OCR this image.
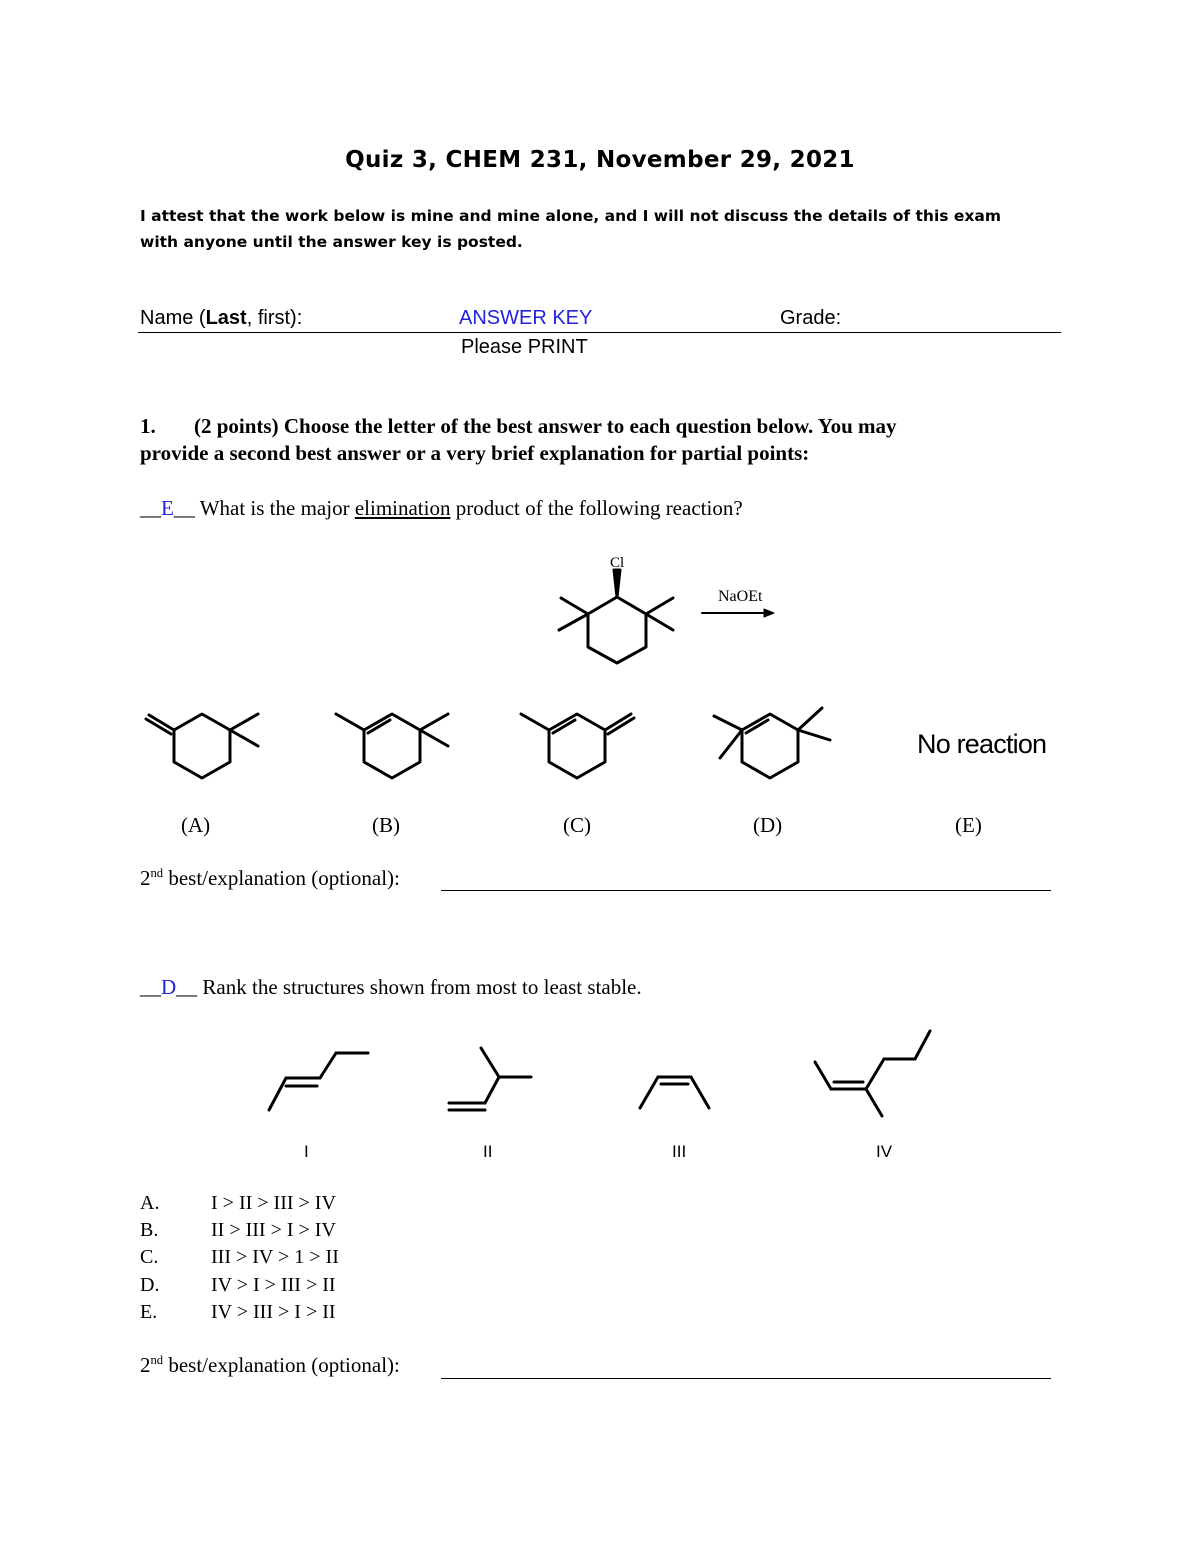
Quiz 3, CHEM 231, November 29, 2021
I attest that the work below is mine and mine alone, and I will not discuss the details of this exam
with anyone until the answer key is posted.
Name (Last, first):	ANSWER KEY	Grade:
Please PRINT
1. (2 points) Choose the letter of the best answer to each question below. You may
provide a second best answer or a very brief explanation for partial points:
__E__ What is the major elimination product of the following reaction?
Cl
NaOEt
No reaction
(A)	(B)	(C)	(D)	(E)
2nd best/explanation (optional):
__D__ Rank the structures shown from most to least stable.
I	II	III	IV
A.	I > II > III > IV
B.	II > III > I > IV
C.	III > IV > 1 > II
D.	IV > I > III > II
E.	IV > III > I > II
2nd best/explanation (optional):
